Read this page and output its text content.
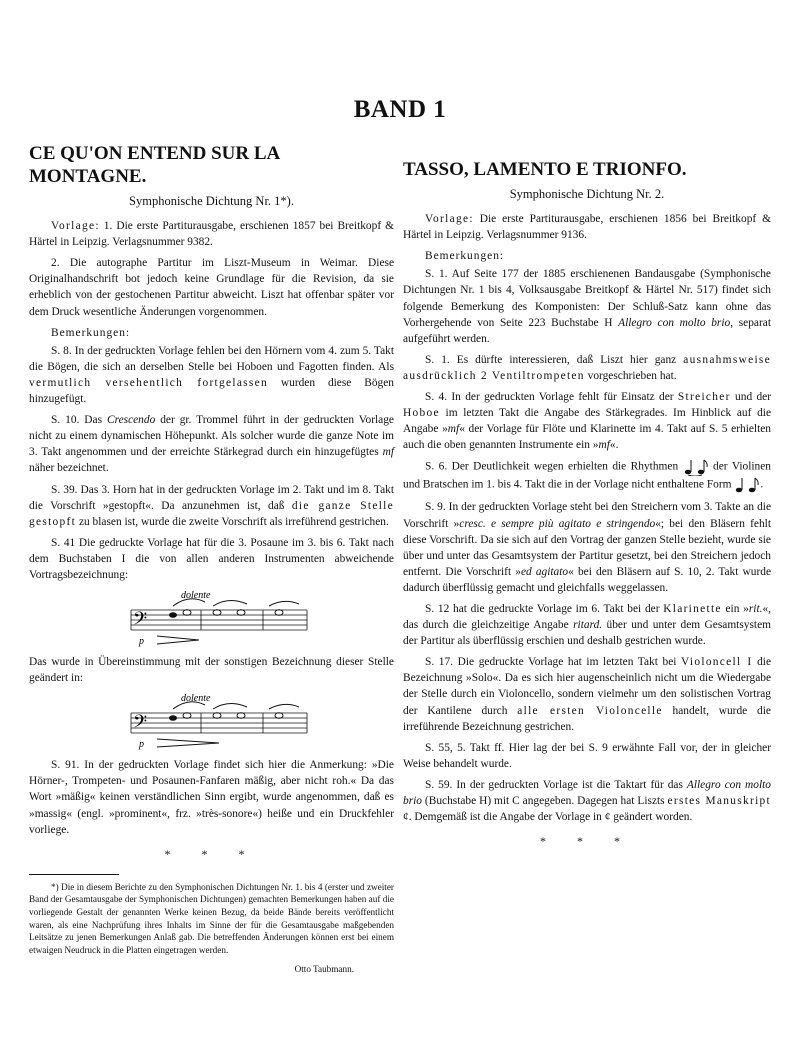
BAND 1

CE QU'ON ENTEND SUR LA
MONTAGNE.

Symphonische Dichtung Nr. 1*).

Vorlage: 1. Die erste Partiturausgabe, erschienen 1857 bei Breitkopf & Härtel in Leipzig. Verlagsnummer 9382.

2. Die autographe Partitur im Liszt-Museum in Weimar. Diese Originalhandschrift bot jedoch keine Grundlage für die Revision, da sie erheblich von der gestochenen Partitur abweicht. Liszt hat offenbar später vor dem Druck wesentliche Änderungen vorgenommen.

Bemerkungen:

S. 8. In der gedruckten Vorlage fehlen bei den Hörnern vom 4. zum 5. Takt die Bögen, die sich an derselben Stelle bei Hoboen und Fagotten finden. Als vermutlich versehentlich fortgelassen wurden diese Bögen hinzugefügt.

S. 10. Das Crescendo der gr. Trommel führt in der gedruckten Vorlage nicht zu einem dynamischen Höhepunkt. Als solcher wurde die ganze Note im 3. Takt angenommen und der erreichte Stärkegrad durch ein hinzugefügtes mf näher bezeichnet.

S. 39. Das 3. Horn hat in der gedruckten Vorlage im 2. Takt und im 8. Takt die Vorschrift »gestopft«. Da anzunehmen ist, daß die ganze Stelle gestopft zu blasen ist, wurde die zweite Vorschrift als irreführend gestrichen.

S. 41 Die gedruckte Vorlage hat für die 3. Posaune im 3. bis 6. Takt nach dem Buchstaben I die von allen anderen Instrumenten abweichende Vortragsbezeichnung:

dolente
𝄢
p

Das wurde in Übereinstimmung mit der sonstigen Bezeichnung dieser Stelle geändert in:

dolente
𝄢
p

S. 91. In der gedruckten Vorlage findet sich hier die Anmerkung: »Die Hörner-, Trompeten- und Posaunen-Fanfaren mäßig, aber nicht roh.« Da das Wort »mäßig« keinen verständlichen Sinn ergibt, wurde angenommen, daß es »massig« (engl. »prominent«, frz. »très-sonore«) heiße und ein Druckfehler vorliege.

* * *

*) Die in diesem Berichte zu den Symphonischen Dichtungen Nr. 1. bis 4 (erster und zweiter Band der Gesamtausgabe der Symphonischen Dichtungen) gemachten Bemerkungen haben auf die vorliegende Gestalt der genannten Werke keinen Bezug, da beide Bände bereits veröffentlicht waren, als eine Nachprüfung ihres Inhalts im Sinne der für die Gesamtausgabe maßgebenden Leitsätze zu jenen Bemerkungen Anlaß gab. Die betreffenden Änderungen können erst bei einem etwaigen Neudruck in die Platten eingetragen werden.

Otto Taubmann.

TASSO, LAMENTO E TRIONFO.

Symphonische Dichtung Nr. 2.

Vorlage: Die erste Partiturausgabe, erschienen 1856 bei Breitkopf & Härtel in Leipzig. Verlagsnummer 9136.

Bemerkungen:

S. 1. Auf Seite 177 der 1885 erschienenen Bandausgabe (Symphonische Dichtungen Nr. 1 bis 4, Volksausgabe Breitkopf & Härtel Nr. 517) findet sich folgende Bemerkung des Komponisten: Der Schluß-Satz kann ohne das Vorhergehende von Seite 223 Buchstabe H Allegro con molto brio, separat aufgeführt werden.

S. 1. Es dürfte interessieren, daß Liszt hier ganz ausnahmsweise ausdrücklich 2 Ventiltrompeten vorgeschrieben hat.

S. 4. In der gedruckten Vorlage fehlt für Einsatz der Streicher und der Hoboe im letzten Takt die Angabe des Stärkegrades. Im Hinblick auf die Angabe »mf« der Vorlage für Flöte und Klarinette im 4. Takt auf S. 5 erhielten auch die oben genannten Instrumente ein »mf«.

S. 6. Der Deutlichkeit wegen erhielten die Rhythmen	der Violinen und Bratschen im 1. bis 4. Takt die in der Vorlage nicht enthaltene Form	.

S. 9. In der gedruckten Vorlage steht bei den Streichern vom 3. Takte an die Vorschrift »cresc. e sempre più agitato e stringendo«; bei den Bläsern fehlt diese Vorschrift. Da sie sich auf den Vortrag der ganzen Stelle bezieht, wurde sie über und unter das Gesamtsystem der Partitur gesetzt, bei den Streichern jedoch entfernt. Die Vorschrift »ed agitato« bei den Bläsern auf S. 10, 2. Takt wurde dadurch überflüssig gemacht und gleichfalls weggelassen.

S. 12 hat die gedruckte Vorlage im 6. Takt bei der Klarinette ein »rit.«, das durch die gleichzeitige Angabe ritard. über und unter dem Gesamtsystem der Partitur als überflüssig erschien und deshalb gestrichen wurde.

S. 17. Die gedruckte Vorlage hat im letzten Takt bei Violoncell I die Bezeichnung »Solo«. Da es sich hier augenscheinlich nicht um die Wiedergabe der Stelle durch ein Violoncello, sondern vielmehr um den solistischen Vortrag der Kantilene durch alle ersten Violoncelle handelt, wurde die irreführende Bezeichnung gestrichen.

S. 55, 5. Takt ff. Hier lag der bei S. 9 erwähnte Fall vor, der in gleicher Weise behandelt wurde.

S. 59. In der gedruckten Vorlage ist die Taktart für das Allegro con molto brio (Buchstabe H) mit C angegeben. Dagegen hat Liszts erstes Manuskript ¢. Demgemäß ist die Angabe der Vorlage in ¢ geändert worden.

* * *
